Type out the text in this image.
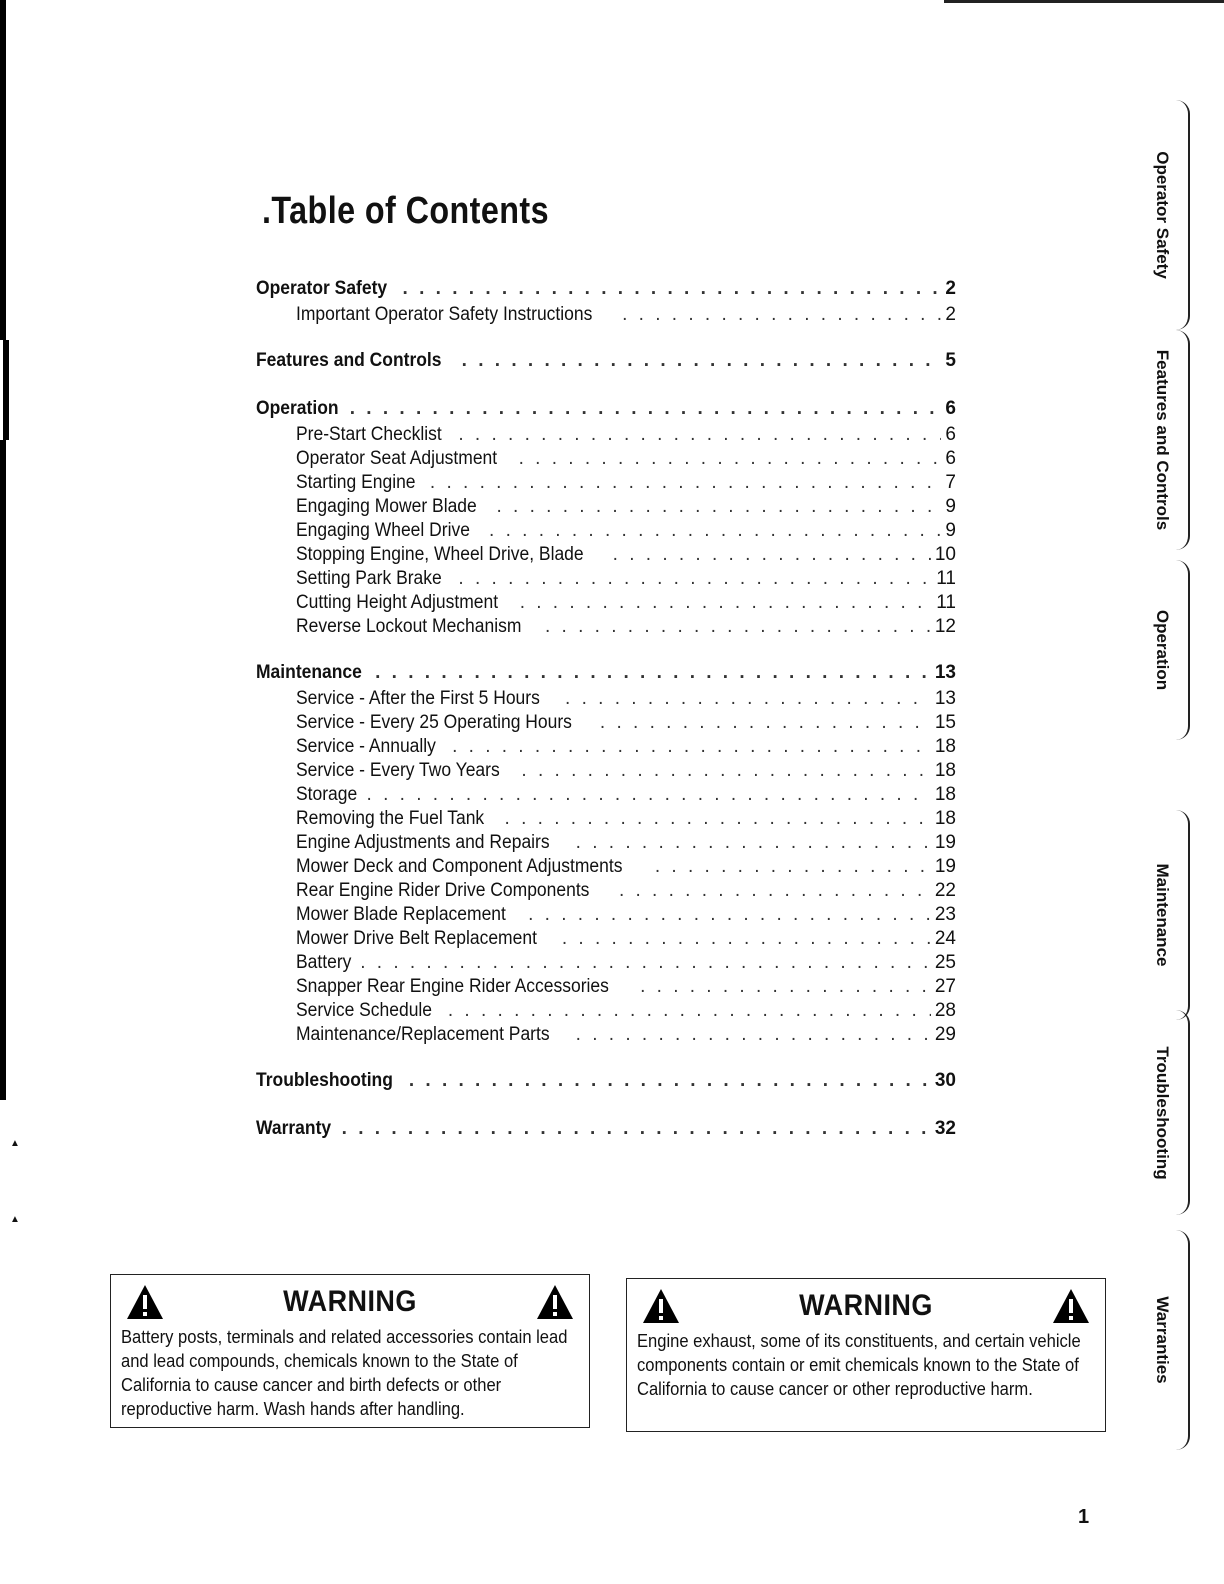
▲
▲
.Table of Contents
Operator Safety . . .	2
Important Operator Safety Instructions . . .	2
Features and Controls . . .	5
Operation . . .	6
Pre-Start Checklist . . .	6
Operator Seat Adjustment . . .	6
Starting Engine . . .	7
Engaging Mower Blade . . .	9
Engaging Wheel Drive . . .	9
Stopping Engine, Wheel Drive, Blade . . .	10
Setting Park Brake . . .	11
Cutting Height Adjustment . . .	11
Reverse Lockout Mechanism . . .	12
Maintenance . . .	13
Service - After the First 5 Hours . . .	13
Service - Every 25 Operating Hours . . .	15
Service - Annually . . .	18
Service - Every Two Years . . .	18
Storage . . .	18
Removing the Fuel Tank . . .	18
Engine Adjustments and Repairs . . .	19
Mower Deck and Component Adjustments . . .	19
Rear Engine Rider Drive Components . . .	22
Mower Blade Replacement . . .	23
Mower Drive Belt Replacement . . .	24
Battery . . .	25
Snapper Rear Engine Rider Accessories . . .	27
Service Schedule . . .	28
Maintenance/Replacement Parts . . .	29
Troubleshooting . . .	30
Warranty . . .	32
Operator Safety
Features and Controls
Operation
Maintenance
Troubleshooting
Warranties
WARNING
Battery posts, terminals and related accessories contain lead and lead compounds, chemicals known to the State of California to cause cancer and birth defects or other reproductive harm. Wash hands after handling.
WARNING
Engine exhaust, some of its constituents, and certain vehicle components contain or emit chemicals known to the State of California to cause cancer or other reproductive harm.
1
